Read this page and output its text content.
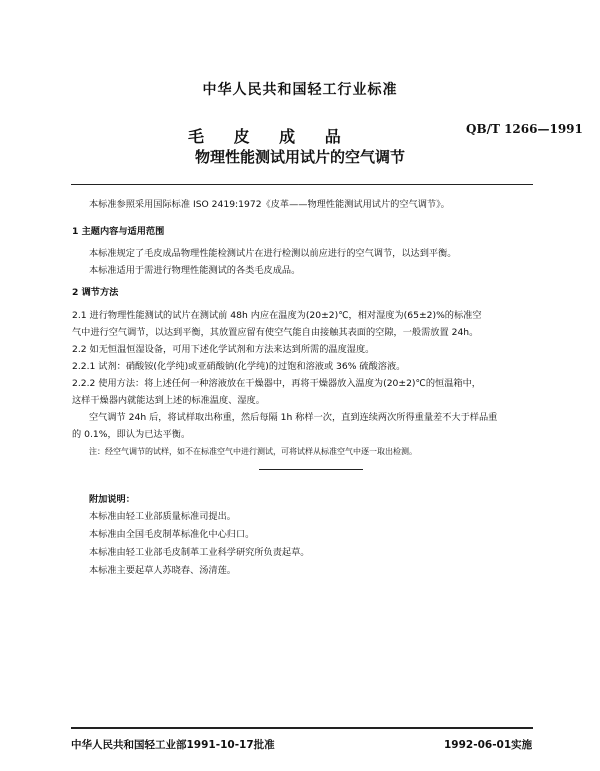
中华人民共和国轻工行业标准
毛 皮 成 品	QB/T 1266—1991
物理性能测试用试片的空气调节
本标准参照采用国际标准 ISO 2419:1972《皮革——物理性能测试用试片的空气调节》。
1 主题内容与适用范围
本标准规定了毛皮成品物理性能检测试片在进行检测以前应进行的空气调节，以达到平衡。
本标准适用于需进行物理性能测试的各类毛皮成品。
2 调节方法
2.1 进行物理性能测试的试片在测试前 48h 内应在温度为(20±2)℃，相对湿度为(65±2)%的标准空
气中进行空气调节，以达到平衡，其放置应留有使空气能自由接触其表面的空隙，一般需放置 24h。
2.2 如无恒温恒湿设备，可用下述化学试剂和方法来达到所需的温度湿度。
2.2.1 试剂：硝酸铵(化学纯)或亚硝酸钠(化学纯)的过饱和溶液或 36% 硫酸溶液。
2.2.2 使用方法：将上述任何一种溶液放在干燥器中，再将干燥器放入温度为(20±2)℃的恒温箱中，
这样干燥器内就能达到上述的标准温度、湿度。
空气调节 24h 后，将试样取出称重，然后每隔 1h 称样一次，直到连续两次所得重量差不大于样品重
的 0.1%，即认为已达平衡。
注：经空气调节的试样，如不在标准空气中进行测试，可将试样从标准空气中逐一取出检测。
附加说明：
本标准由轻工业部质量标准司提出。
本标准由全国毛皮制革标准化中心归口。
本标准由轻工业部毛皮制革工业科学研究所负责起草。
本标准主要起草人苏晓春、汤清莲。
中华人民共和国轻工业部1991-10-17批准	1992-06-01实施
